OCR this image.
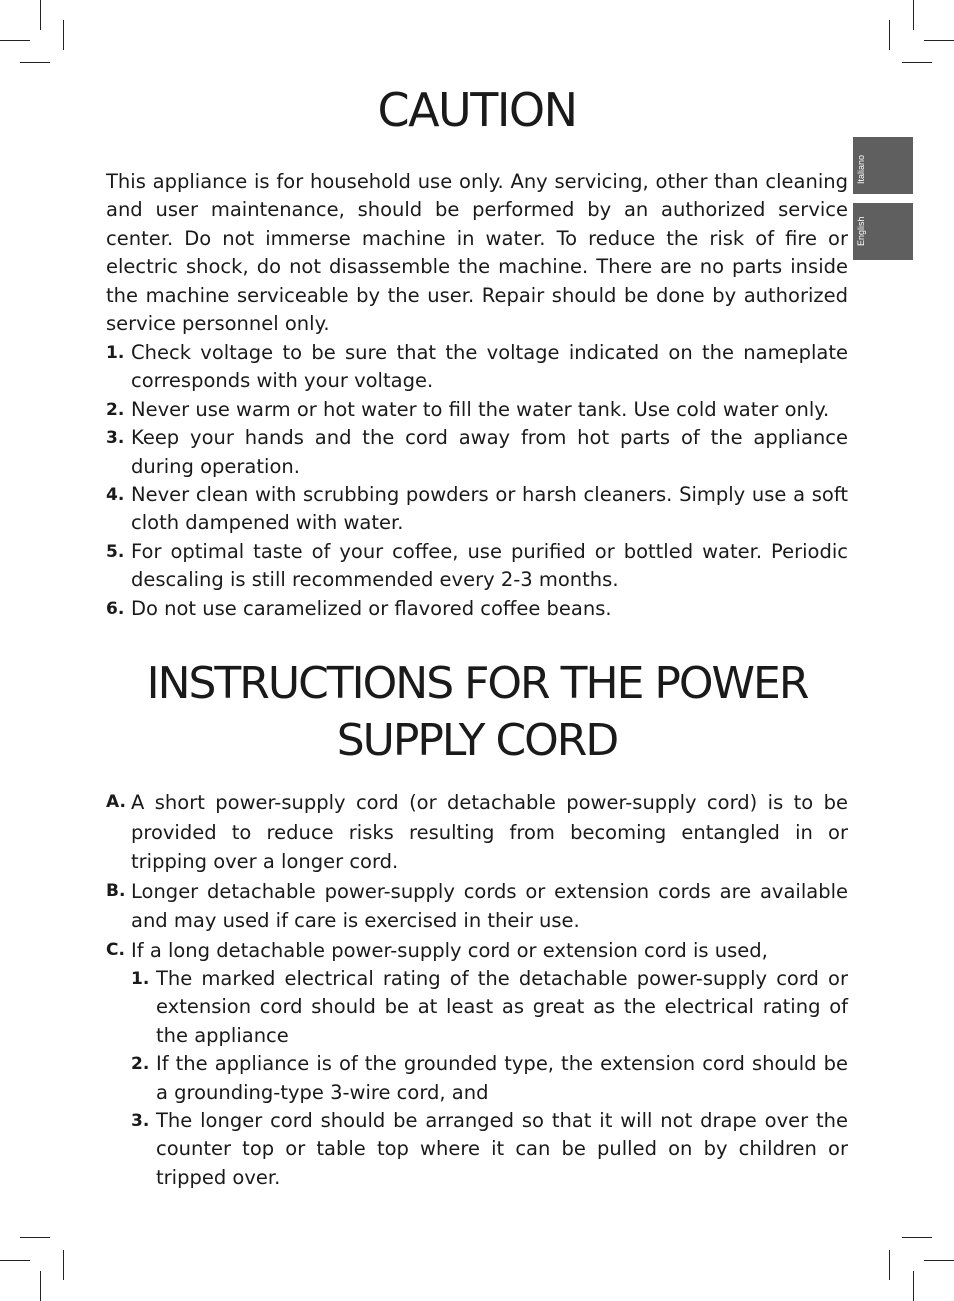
Italiano
English
CAUTION

This appliance is for household use only. Any servicing, other than cleaning and user maintenance, should be performed by an authorized service center. Do not immerse machine in water. To reduce the risk of fire or electric shock, do not disassemble the machine. There are no parts inside the machine serviceable by the user. Repair should be done by authorized service personnel only.

1. Check voltage to be sure that the voltage indicated on the nameplate corresponds with your voltage.
2. Never use warm or hot water to fill the water tank. Use cold water only.
3. Keep your hands and the cord away from hot parts of the appliance during operation.
4. Never clean with scrubbing powders or harsh cleaners. Simply use a soft cloth dampened with water.
5. For optimal taste of your coffee, use purified or bottled water. Periodic descaling is still recommended every 2-3 months.
6. Do not use caramelized or flavored coffee beans.
INSTRUCTIONS FOR THE POWER SUPPLY CORD
A. A short power-supply cord (or detachable power-supply cord) is to be provided to reduce risks resulting from becoming entangled in or tripping over a longer cord.
B. Longer detachable power-supply cords or extension cords are available and may used if care is exercised in their use.
C. If a long detachable power-supply cord or extension cord is used,
1. The marked electrical rating of the detachable power-supply cord or extension cord should be at least as great as the electrical rating of the appliance
2. If the appliance is of the grounded type, the extension cord should be a grounding-type 3-wire cord, and
3. The longer cord should be arranged so that it will not drape over the counter top or table top where it can be pulled on by children or tripped over.
